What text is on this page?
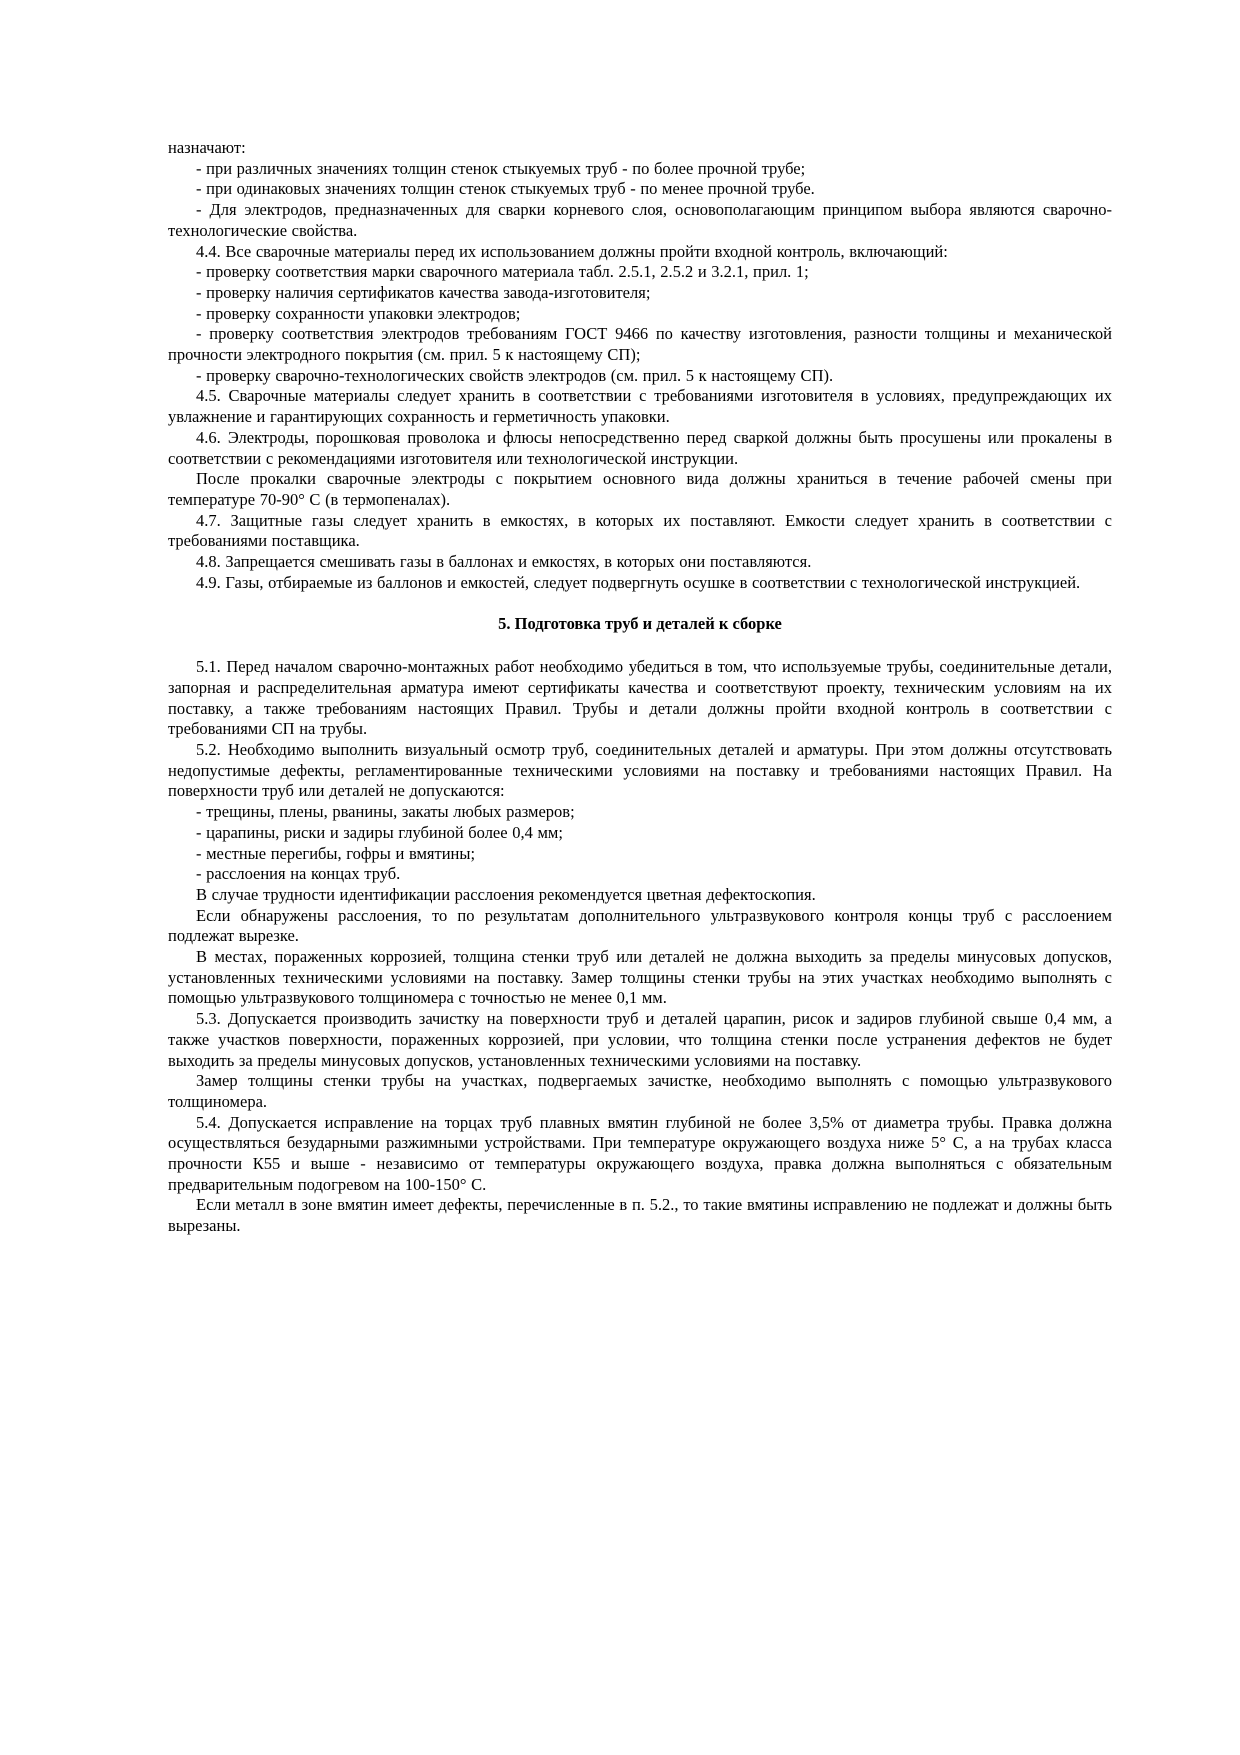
назначают:

- при различных значениях толщин стенок стыкуемых труб - по более прочной трубе;

- при одинаковых значениях толщин стенок стыкуемых труб - по менее прочной трубе.

- Для электродов, предназначенных для сварки корневого слоя, основополагающим принципом выбора являются сварочно-технологические свойства.

4.4. Все сварочные материалы перед их использованием должны пройти входной контроль, включающий:

- проверку соответствия марки сварочного материала табл. 2.5.1, 2.5.2 и 3.2.1, прил. 1;

- проверку наличия сертификатов качества завода-изготовителя;

- проверку сохранности упаковки электродов;

- проверку соответствия электродов требованиям ГОСТ 9466 по качеству изготовления, разности толщины и механической прочности электродного покрытия (см. прил. 5 к настоящему СП);

- проверку сварочно-технологических свойств электродов (см. прил. 5 к настоящему СП).

4.5. Сварочные материалы следует хранить в соответствии с требованиями изготовителя в условиях, предупреждающих их увлажнение и гарантирующих сохранность и герметичность упаковки.

4.6. Электроды, порошковая проволока и флюсы непосредственно перед сваркой должны быть просушены или прокалены в соответствии с рекомендациями изготовителя или технологической инструкции.

После прокалки сварочные электроды с покрытием основного вида должны храниться в течение рабочей смены при температуре 70-90° С (в термопеналах).

4.7. Защитные газы следует хранить в емкостях, в которых их поставляют. Емкости следует хранить в соответствии с требованиями поставщика.

4.8. Запрещается смешивать газы в баллонах и емкостях, в которых они поставляются.

4.9. Газы, отбираемые из баллонов и емкостей, следует подвергнуть осушке в соответствии с технологической инструкцией.

5. Подготовка труб и деталей к сборке

5.1. Перед началом сварочно-монтажных работ необходимо убедиться в том, что используемые трубы, соединительные детали, запорная и распределительная арматура имеют сертификаты качества и соответствуют проекту, техническим условиям на их поставку, а также требованиям настоящих Правил. Трубы и детали должны пройти входной контроль в соответствии с требованиями СП на трубы.

5.2. Необходимо выполнить визуальный осмотр труб, соединительных деталей и арматуры. При этом должны отсутствовать недопустимые дефекты, регламентированные техническими условиями на поставку и требованиями настоящих Правил. На поверхности труб или деталей не допускаются:

- трещины, плены, рванины, закаты любых размеров;

- царапины, риски и задиры глубиной более 0,4 мм;

- местные перегибы, гофры и вмятины;

- расслоения на концах труб.

В случае трудности идентификации расслоения рекомендуется цветная дефектоскопия.

Если обнаружены расслоения, то по результатам дополнительного ультразвукового контроля концы труб с расслоением подлежат вырезке.

В местах, пораженных коррозией, толщина стенки труб или деталей не должна выходить за пределы минусовых допусков, установленных техническими условиями на поставку. Замер толщины стенки трубы на этих участках необходимо выполнять с помощью ультразвукового толщиномера с точностью не менее 0,1 мм.

5.3. Допускается производить зачистку на поверхности труб и деталей царапин, рисок и задиров глубиной свыше 0,4 мм, а также участков поверхности, пораженных коррозией, при условии, что толщина стенки после устранения дефектов не будет выходить за пределы минусовых допусков, установленных техническими условиями на поставку.

Замер толщины стенки трубы на участках, подвергаемых зачистке, необходимо выполнять с помощью ультразвукового толщиномера.

5.4. Допускается исправление на торцах труб плавных вмятин глубиной не более 3,5% от диаметра трубы. Правка должна осуществляться безударными разжимными устройствами. При температуре окружающего воздуха ниже 5° С, а на трубах класса прочности К55 и выше - независимо от температуры окружающего воздуха, правка должна выполняться с обязательным предварительным подогревом на 100-150° С.

Если металл в зоне вмятин имеет дефекты, перечисленные в п. 5.2., то такие вмятины исправлению не подлежат и должны быть вырезаны.
